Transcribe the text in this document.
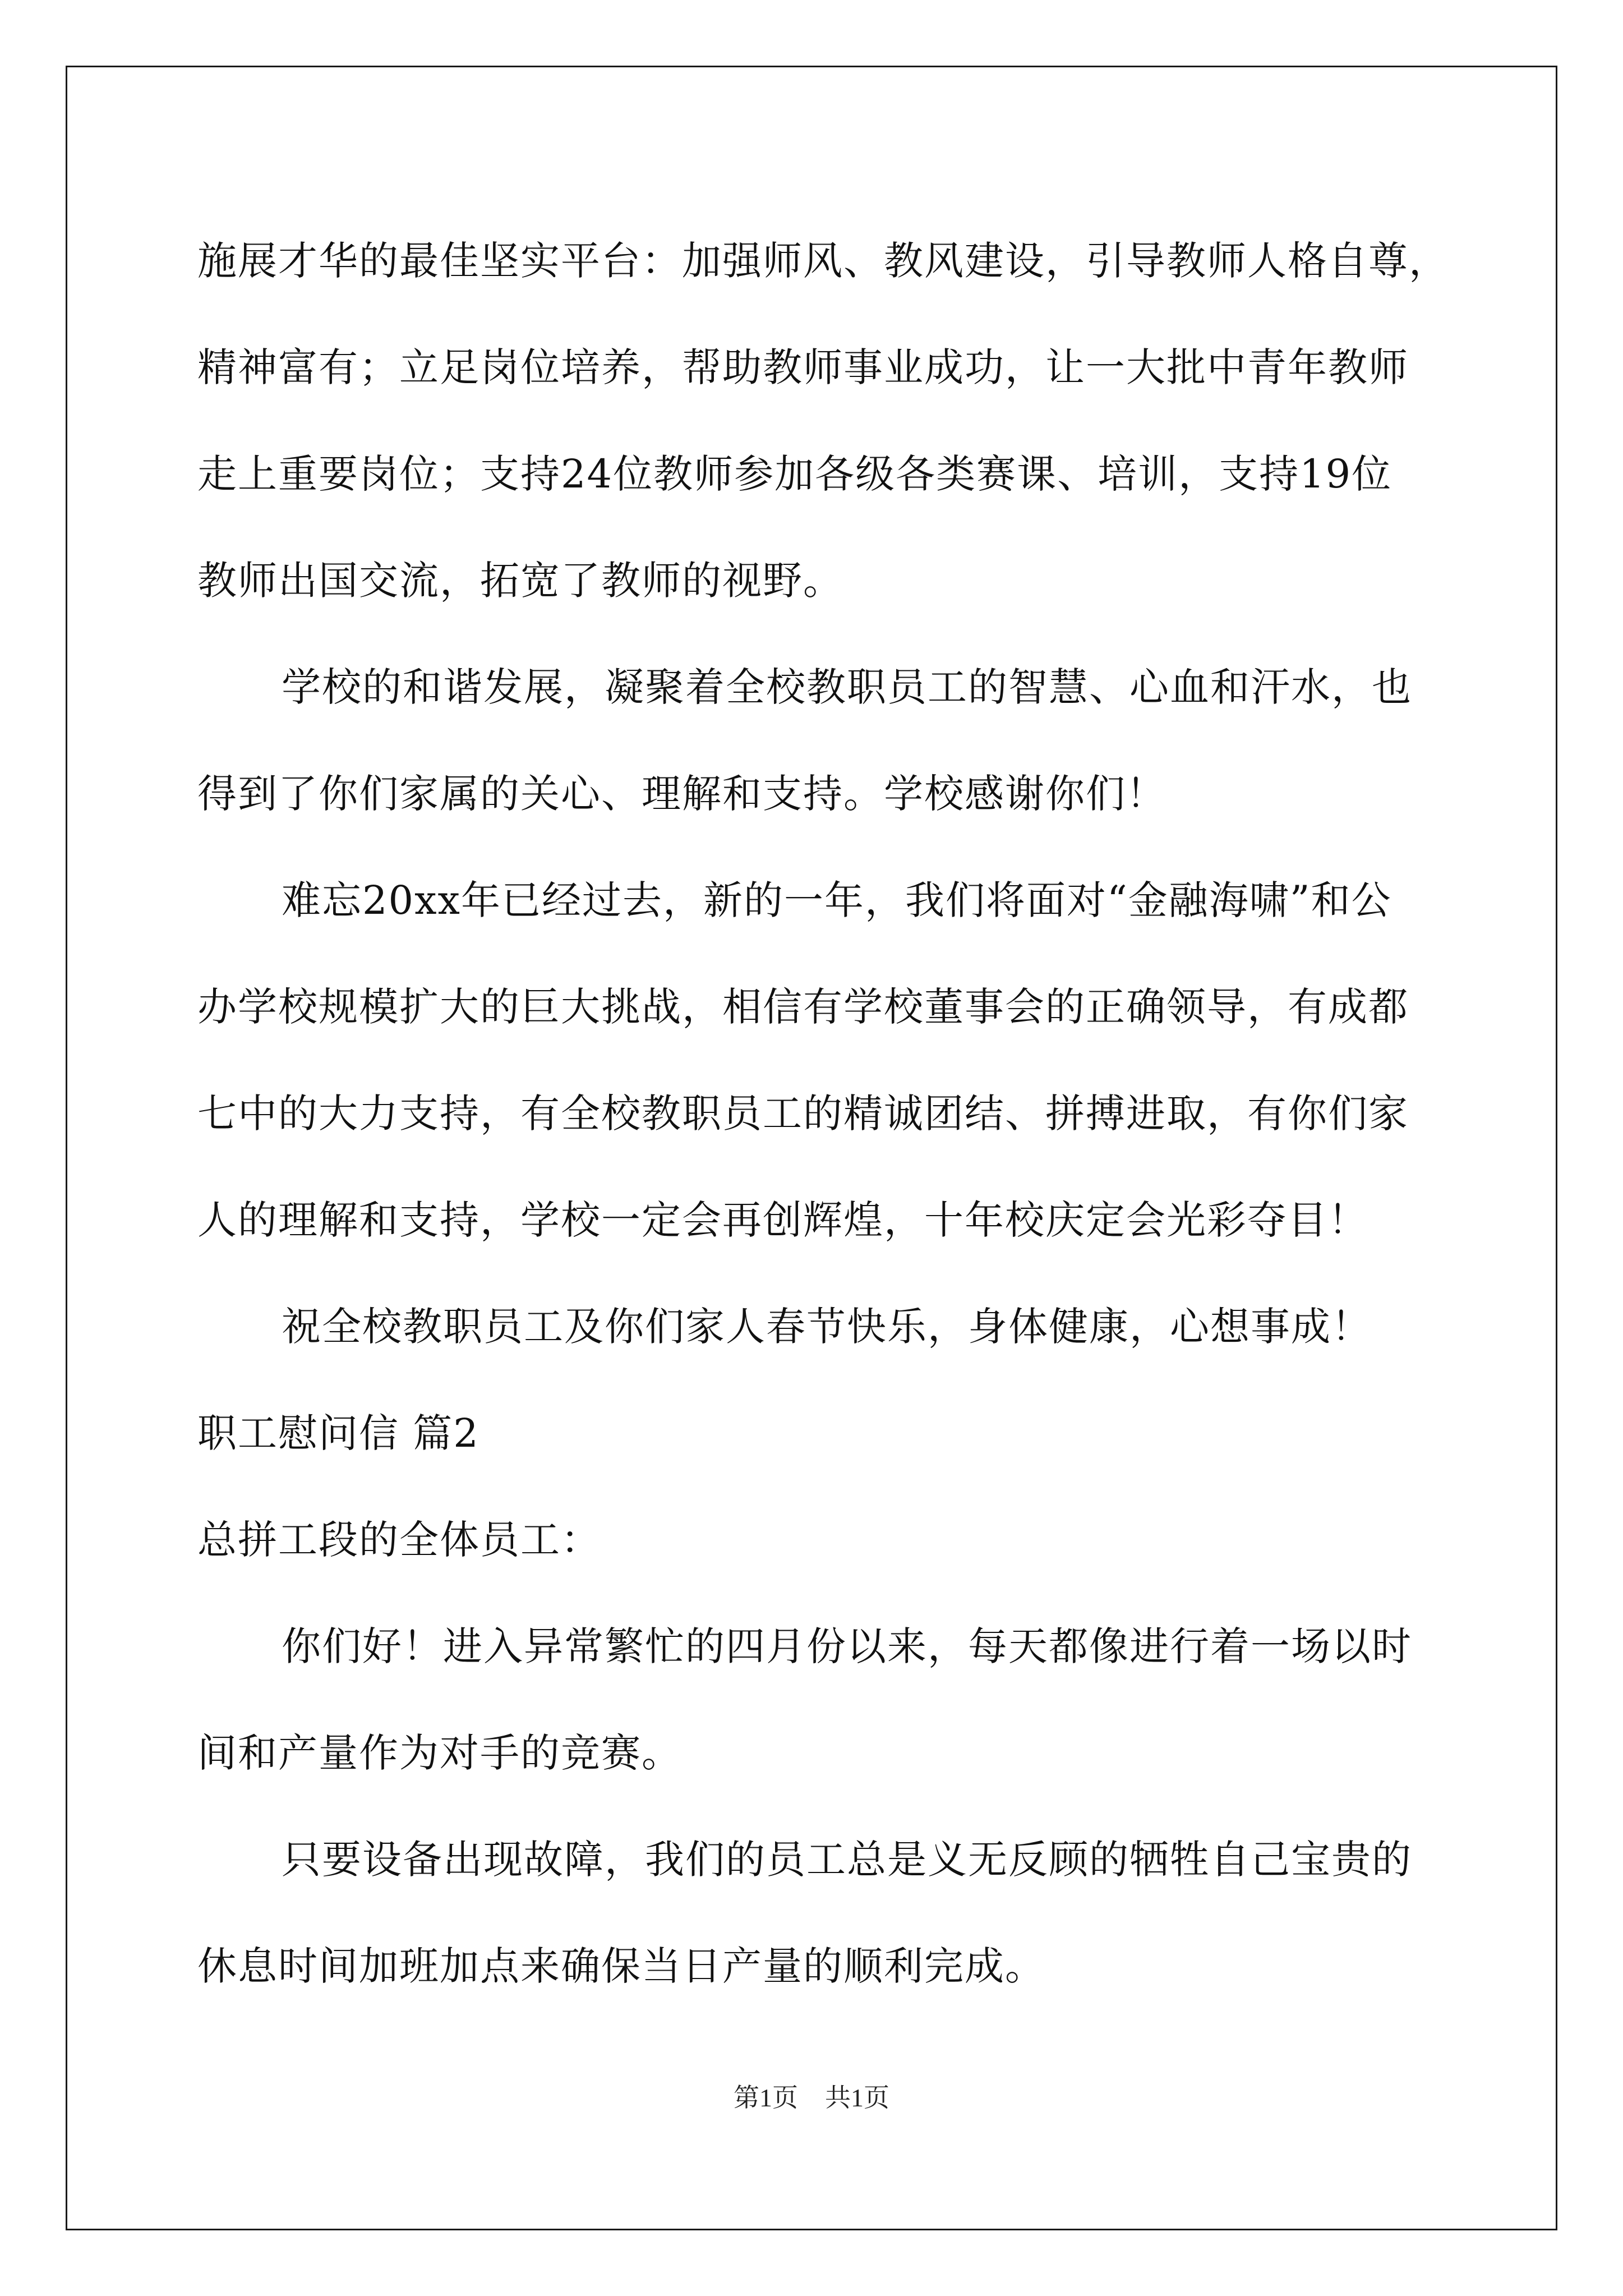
施展才华的最佳坚实平台：加强师风、教风建设，引导教师人格自尊，
精神富有；立足岗位培养，帮助教师事业成功，让一大批中青年教师
走上重要岗位；支持24位教师参加各级各类赛课、培训，支持19位
教师出国交流，拓宽了教师的视野。
学校的和谐发展，凝聚着全校教职员工的智慧、心血和汗水，也
得到了你们家属的关心、理解和支持。学校感谢你们！
难忘20xx年已经过去，新的一年，我们将面对“金融海啸”和公
办学校规模扩大的巨大挑战，相信有学校董事会的正确领导，有成都
七中的大力支持，有全校教职员工的精诚团结、拼搏进取，有你们家
人的理解和支持，学校一定会再创辉煌，十年校庆定会光彩夺目！
祝全校教职员工及你们家人春节快乐，身体健康，心想事成！
职工慰问信 篇2
总拼工段的全体员工：
你们好！进入异常繁忙的四月份以来，每天都像进行着一场以时
间和产量作为对手的竞赛。
只要设备出现故障，我们的员工总是义无反顾的牺牲自己宝贵的
休息时间加班加点来确保当日产量的顺利完成。
第1页 共1页
